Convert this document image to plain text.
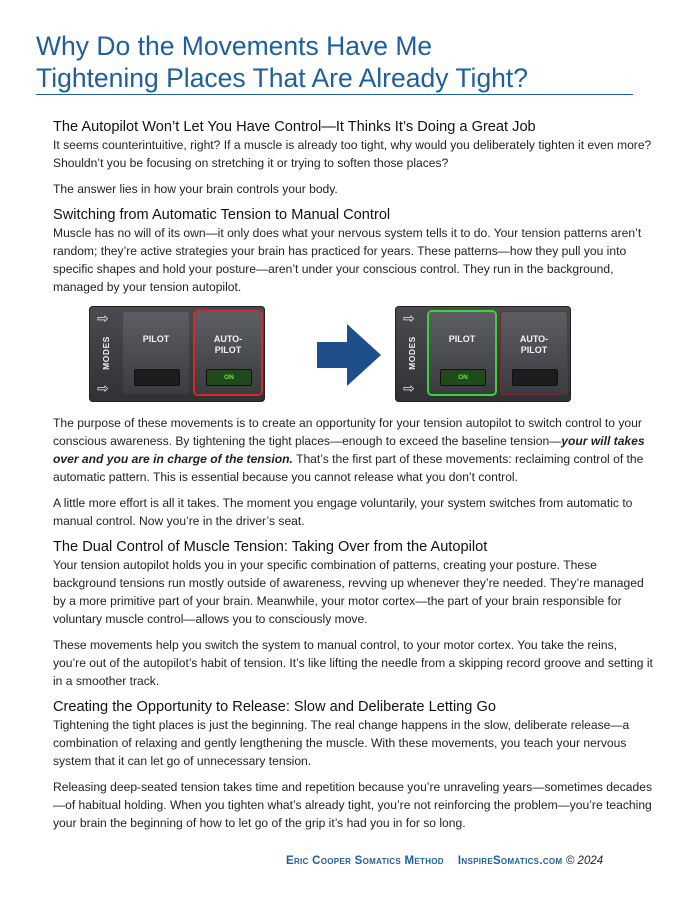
Why Do the Movements Have Me
Tightening Places That Are Already Tight?
The Autopilot Won’t Let You Have Control—It Thinks It’s Doing a Great Job

It seems counterintuitive, right? If a muscle is already too tight, why would you deliberately tighten it even more? Shouldn’t you be focusing on stretching it or trying to soften those places?

The answer lies in how your brain controls your body.

Switching from Automatic Tension to Manual Control

Muscle has no will of its own—it only does what your nervous system tells it to do. Your tension patterns aren’t random; they’re active strategies your brain has practiced for years. These patterns—how they pull you into specific shapes and hold your posture—aren’t under your conscious control. They run in the background, managed by your tension autopilot.

⇨
MODES
⇨
PILOT	AUTO-
PILOT
ON
⇨
MODES
⇨
PILOT
ON
AUTO-
PILOT

The purpose of these movements is to create an opportunity for your tension autopilot to switch control to your conscious awareness. By tightening the tight places—enough to exceed the baseline tension—your will takes over and you are in charge of the tension. That’s the first part of these movements: reclaiming control of the automatic pattern. This is essential because you cannot release what you don’t control.

A little more effort is all it takes. The moment you engage voluntarily, your system switches from automatic to manual control. Now you’re in the driver’s seat.

The Dual Control of Muscle Tension: Taking Over from the Autopilot

Your tension autopilot holds you in your specific combination of patterns, creating your posture. These background tensions run mostly outside of awareness, revving up whenever they’re needed. They’re managed by a more primitive part of your brain. Meanwhile, your motor cortex—the part of your brain responsible for voluntary muscle control—allows you to consciously move.

These movements help you switch the system to manual control, to your motor cortex. You take the reins, you’re out of the autopilot’s habit of tension. It’s like lifting the needle from a skipping record groove and setting it in a smoother track.

Creating the Opportunity to Release: Slow and Deliberate Letting Go

Tightening the tight places is just the beginning. The real change happens in the slow, deliberate release—a combination of relaxing and gently lengthening the muscle. With these movements, you teach your nervous system that it can let go of unnecessary tension.

Releasing deep-seated tension takes time and repetition because you’re unraveling years—sometimes decades—of habitual holding. When you tighten what’s already tight, you’re not reinforcing the problem—you’re teaching your brain the beginning of how to let go of the grip it’s had you in for so long.

Eric Cooper Somatics Method InspireSomatics.com © 2024
